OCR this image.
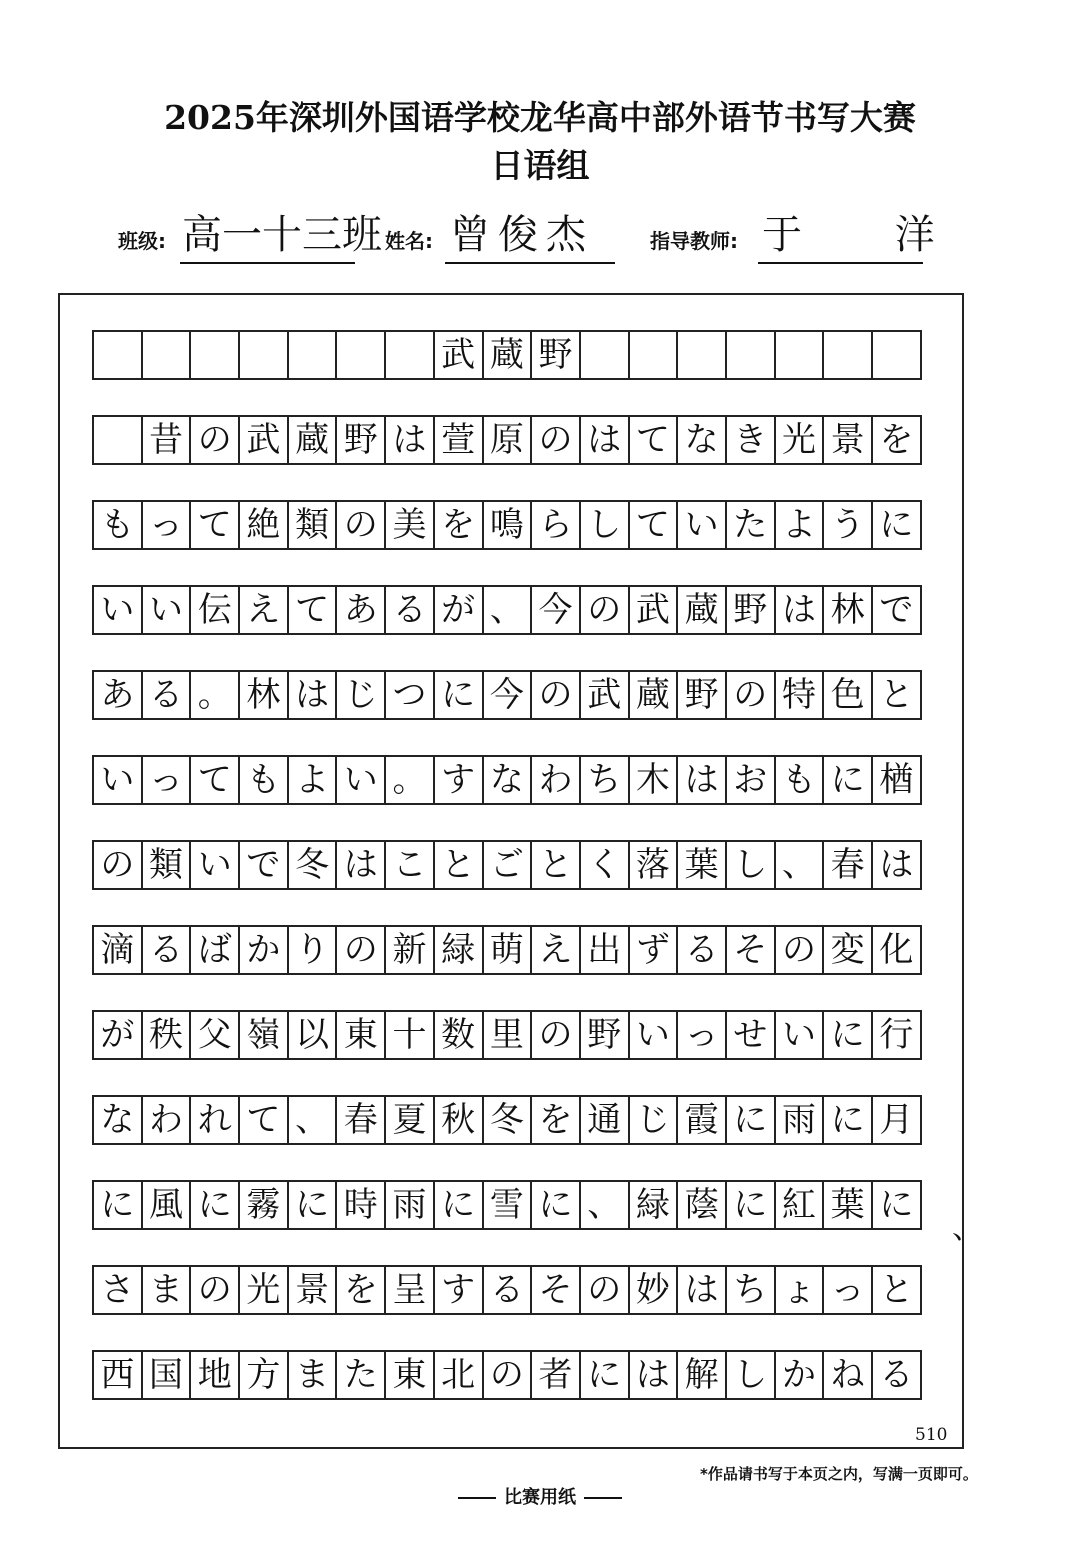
2025年深圳外国语学校龙华高中部外语节书写大赛
日语组
班级: 高一十三班 姓名: 曾俊杰	指导教师: 于 洋
武 蔵 野
昔 の 武 蔵 野 は 萱 原 の は て な き 光 景 を
も っ て 絶 類 の 美 を 鳴 ら し て い た よ う に
い い 伝 え て あ る が 、 今 の 武 蔵 野 は 林 で
あ る 。 林 は じ つ に 今 の 武 蔵 野 の 特 色 と
い っ て も よ い 。 す な わ ち 木 は お も に 楢
の 類 い で 冬 は こ と ご と く 落 葉 し 、 春 は
滴 る ば か り の 新 緑 萌 え 出 ず る そ の 変 化
が 秩 父 嶺 以 東 十 数 里 の 野 い っ せ い に 行
な わ れ て 、 春 夏 秋 冬 を 通 じ 霞 に 雨 に 月
に 風 に 霧 に 時 雨 に 雪 に 、 緑 蔭 に 紅 葉 に
さ ま の 光 景 を 呈 す る そ の 妙 は ち ょ っ と
西 国 地 方 ま た 東 北 の 者 に は 解 し か ね る
、
510
*作品请书写于本页之内，写满一页即可。
比赛用纸
